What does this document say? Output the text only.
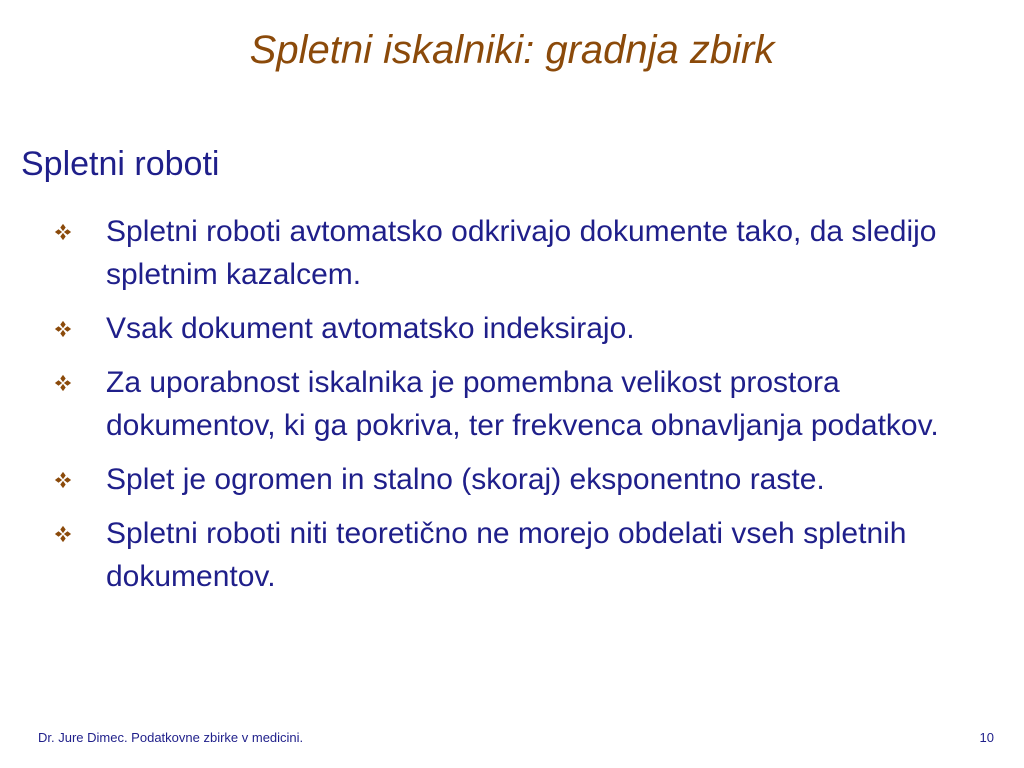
Spletni iskalniki: gradnja zbirk
Spletni roboti
Spletni roboti avtomatsko odkrivajo dokumente tako, da sledijo spletnim kazalcem.
Vsak dokument avtomatsko indeksirajo.
Za uporabnost iskalnika je pomembna velikost prostora dokumentov, ki ga pokriva, ter frekvenca obnavljanja podatkov.
Splet je ogromen in stalno (skoraj) eksponentno raste.
Spletni roboti niti teoretično ne morejo obdelati vseh spletnih dokumentov.
Dr. Jure Dimec. Podatkovne zbirke v medicini.	10
